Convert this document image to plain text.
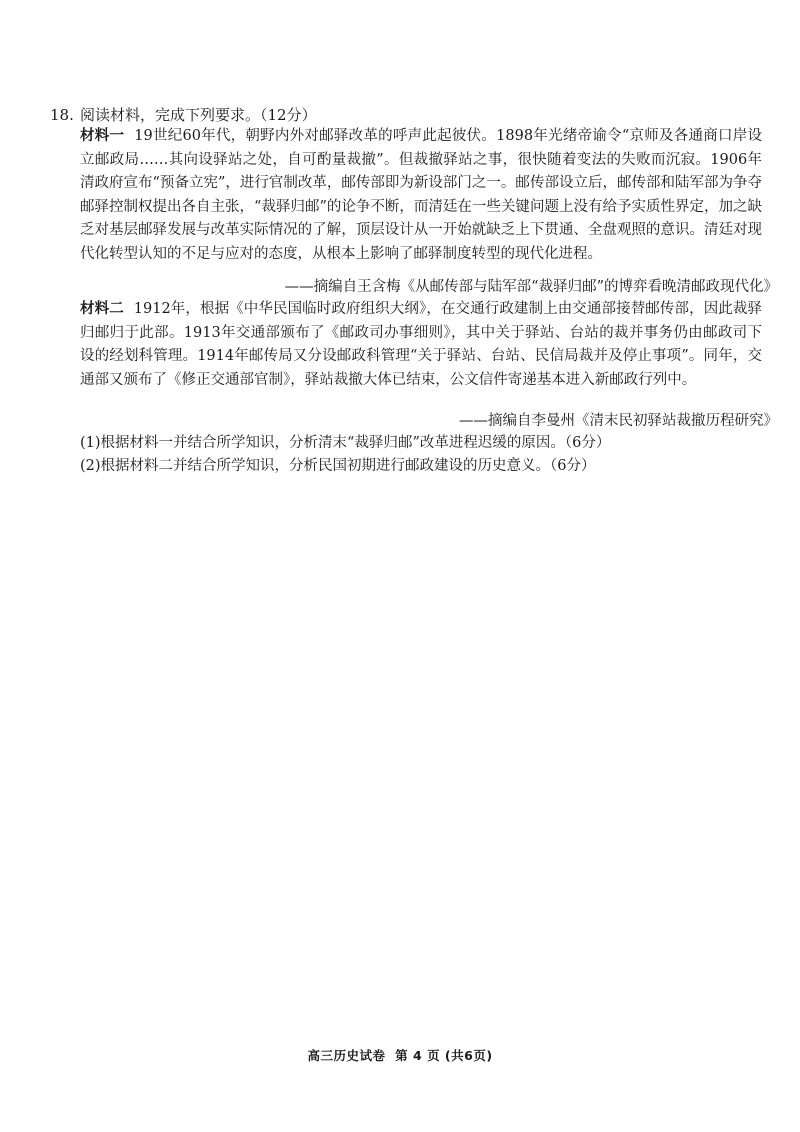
18. 阅读材料，完成下列要求。（12分）
材料一 19世纪60年代，朝野内外对邮驿改革的呼声此起彼伏。1898年光绪帝谕令“京师及各通商口岸设立邮政局……其向设驿站之处，自可酌量裁撤”。但裁撤驿站之事，很快随着变法的失败而沉寂。1906年清政府宣布“预备立宪”，进行官制改革，邮传部即为新设部门之一。邮传部设立后，邮传部和陆军部为争夺邮驿控制权提出各自主张，“裁驿归邮”的论争不断，而清廷在一些关键问题上没有给予实质性界定，加之缺乏对基层邮驿发展与改革实际情况的了解，顶层设计从一开始就缺乏上下贯通、全盘观照的意识。清廷对现代化转型认知的不足与应对的态度，从根本上影响了邮驿制度转型的现代化进程。
——摘编自王含梅《从邮传部与陆军部“裁驿归邮”的博弈看晚清邮政现代化》
材料二 1912年，根据《中华民国临时政府组织大纲》，在交通行政建制上由交通部接替邮传部，因此裁驿归邮归于此部。1913年交通部颁布了《邮政司办事细则》，其中关于驿站、台站的裁并事务仍由邮政司下设的经划科管理。1914年邮传局又分设邮政科管理“关于驿站、台站、民信局裁并及停止事项”。同年，交通部又颁布了《修正交通部官制》，驿站裁撤大体已结束，公文信件寄递基本进入新邮政行列中。
——摘编自李曼州《清末民初驿站裁撤历程研究》
(1)根据材料一并结合所学知识，分析清末“裁驿归邮”改革进程迟缓的原因。（6分）
(2)根据材料二并结合所学知识，分析民国初期进行邮政建设的历史意义。（6分）
高三历史试卷 第 4 页 (共6页)
